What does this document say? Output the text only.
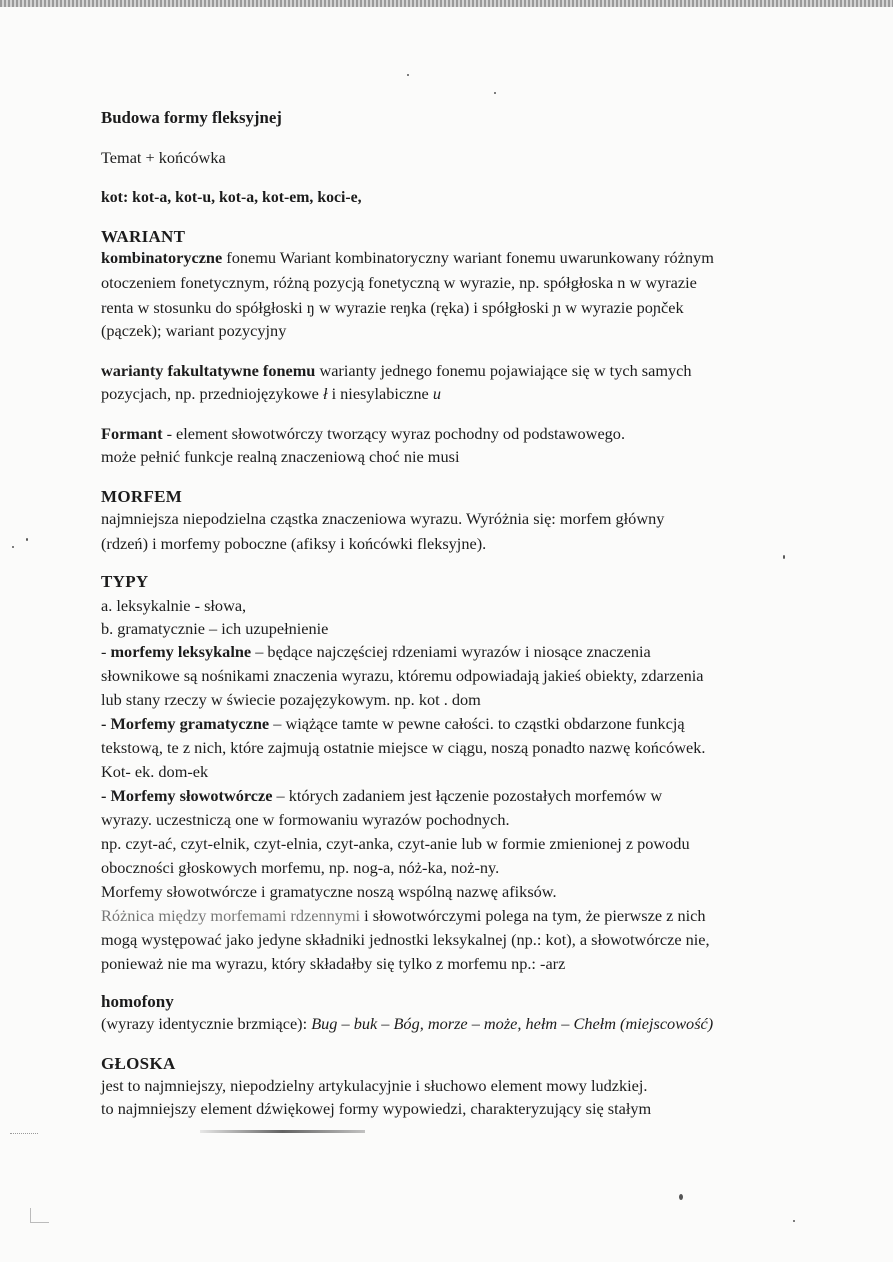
Budowa formy fleksyjnej
Temat + końcówka
kot: kot-a, kot-u, kot-a, kot-em, koci-e,
WARIANT
kombinatoryczne fonemu Wariant kombinatoryczny wariant fonemu uwarunkowany różnym
otoczeniem fonetycznym, różną pozycją fonetyczną w wyrazie, np. spółgłoska n w wyrazie
renta w stosunku do spółgłoski ŋ w wyrazie reŋka (ręka) i spółgłoski ɲ w wyrazie poɲček
(pączek); wariant pozycyjny
warianty fakultatywne fonemu warianty jednego fonemu pojawiające się w tych samych
pozycjach, np. przedniojęzykowe ł i niesylabiczne u
Formant - element słowotwórczy tworzący wyraz pochodny od podstawowego.
może pełnić funkcje realną znaczeniową choć nie musi
MORFEM
najmniejsza niepodzielna cząstka znaczeniowa wyrazu. Wyróżnia się: morfem główny
(rdzeń) i morfemy poboczne (afiksy i końcówki fleksyjne).
TYPY
a. leksykalnie - słowa,
b. gramatycznie – ich uzupełnienie
- morfemy leksykalne – będące najczęściej rdzeniami wyrazów i niosące znaczenia
słownikowe są nośnikami znaczenia wyrazu, któremu odpowiadają jakieś obiekty, zdarzenia
lub stany rzeczy w świecie pozajęzykowym. np. kot . dom
- Morfemy gramatyczne – wiążące tamte w pewne całości. to cząstki obdarzone funkcją
tekstową, te z nich, które zajmują ostatnie miejsce w ciągu, noszą ponadto nazwę końcówek.
Kot- ek. dom-ek
- Morfemy słowotwórcze – których zadaniem jest łączenie pozostałych morfemów w
wyrazy. uczestniczą one w formowaniu wyrazów pochodnych.
np. czyt-ać, czyt-elnik, czyt-elnia, czyt-anka, czyt-anie lub w formie zmienionej z powodu
oboczności głoskowych morfemu, np. nog-a, nóż-ka, noż-ny.
Morfemy słowotwórcze i gramatyczne noszą wspólną nazwę afiksów.
Różnica między morfemami rdzennymi i słowotwórczymi polega na tym, że pierwsze z nich
mogą występować jako jedyne składniki jednostki leksykalnej (np.: kot), a słowotwórcze nie,
ponieważ nie ma wyrazu, który składałby się tylko z morfemu np.: -arz
homofony
(wyrazy identycznie brzmiące): Bug – buk – Bóg, morze – może, hełm – Chełm (miejscowość)
GŁOSKA
jest to najmniejszy, niepodzielny artykulacyjnie i słuchowo element mowy ludzkiej.
to najmniejszy element dźwiękowej formy wypowiedzi, charakteryzujący się stałym
